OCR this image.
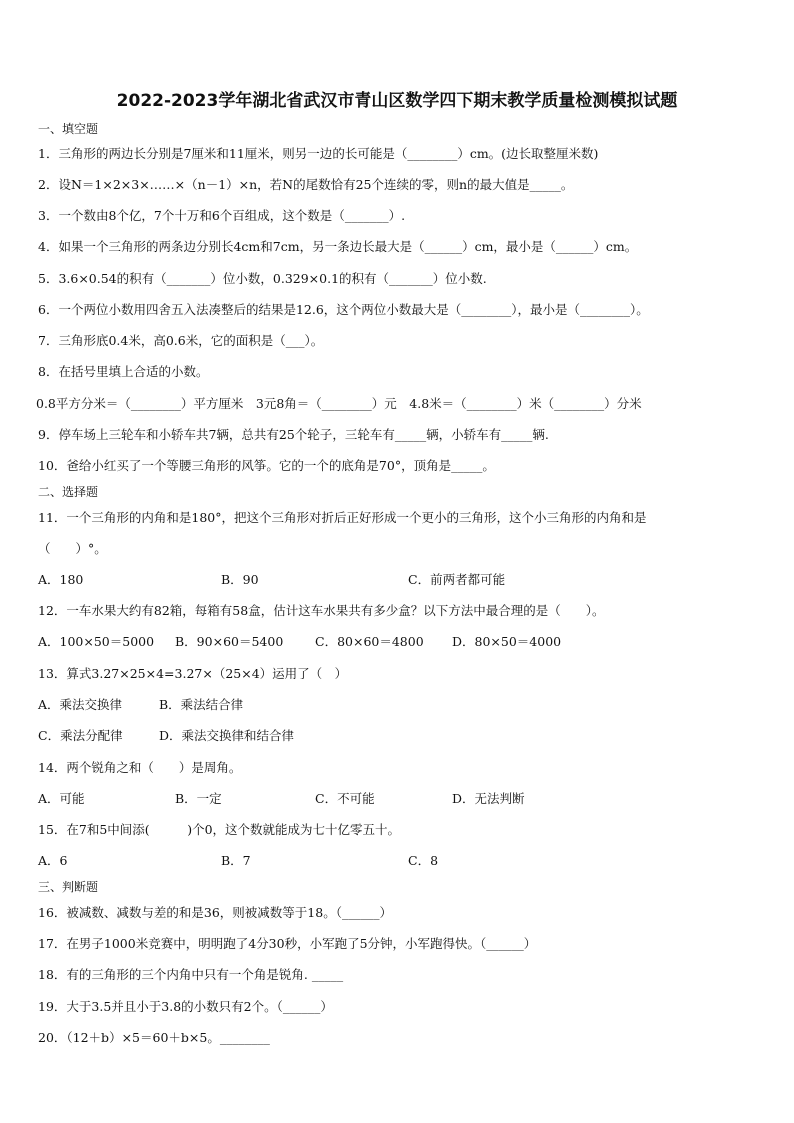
2022-2023学年湖北省武汉市青山区数学四下期末教学质量检测模拟试题
一、填空题
1．三角形的两边长分别是7厘米和11厘米，则另一边的长可能是（________）cm。(边长取整厘米数)
2．设N＝1×2×3×……×（n－1）×n，若N的尾数恰有25个连续的零，则n的最大值是_____。
3．一个数由8个亿，7个十万和6个百组成，这个数是（_______）.
4．如果一个三角形的两条边分别长4cm和7cm，另一条边长最大是（______）cm，最小是（______）cm。
5．3.6×0.54的积有（_______）位小数，0.329×0.1的积有（_______）位小数.
6．一个两位小数用四舍五入法凑整后的结果是12.6，这个两位小数最大是（________），最小是（________）。
7．三角形底0.4米，高0.6米，它的面积是（___）。
8．在括号里填上合适的小数。
0.8平方分米＝（________）平方厘米　3元8角＝（________）元　4.8米＝（________）米（________）分米
9．停车场上三轮车和小轿车共7辆，总共有25个轮子，三轮车有_____辆，小轿车有_____辆.
10．爸给小红买了一个等腰三角形的风筝。它的一个的底角是70°，顶角是_____。
二、选择题
11．一个三角形的内角和是180°，把这个三角形对折后正好形成一个更小的三角形，这个小三角形的内角和是
（　　）°。
A．180	B．90	C．前两者都可能
12．一车水果大约有82箱，每箱有58盒，估计这车水果共有多少盒？以下方法中最合理的是（　　）。
A．100×50＝5000 B．90×60＝5400	C．80×60＝4800 D．80×50＝4000
13．算式3.27×25×4=3.27×（25×4）运用了（　）
A．乘法交换律	B．乘法结合律
C．乘法分配律	D．乘法交换律和结合律
14．两个锐角之和（　　）是周角。
A．可能	B．一定	C．不可能	D．无法判断
15．在7和5中间添(　　　)个0，这个数就能成为七十亿零五十。
A．6	B．7	C．8
三、判断题
16．被减数、减数与差的和是36，则被减数等于18。（______）
17．在男子1000米竞赛中，明明跑了4分30秒，小军跑了5分钟，小军跑得快。（______）
18．有的三角形的三个内角中只有一个角是锐角. _____
19．大于3.5并且小于3.8的小数只有2个。（______）
20．（12＋b）×5＝60＋b×5。________
